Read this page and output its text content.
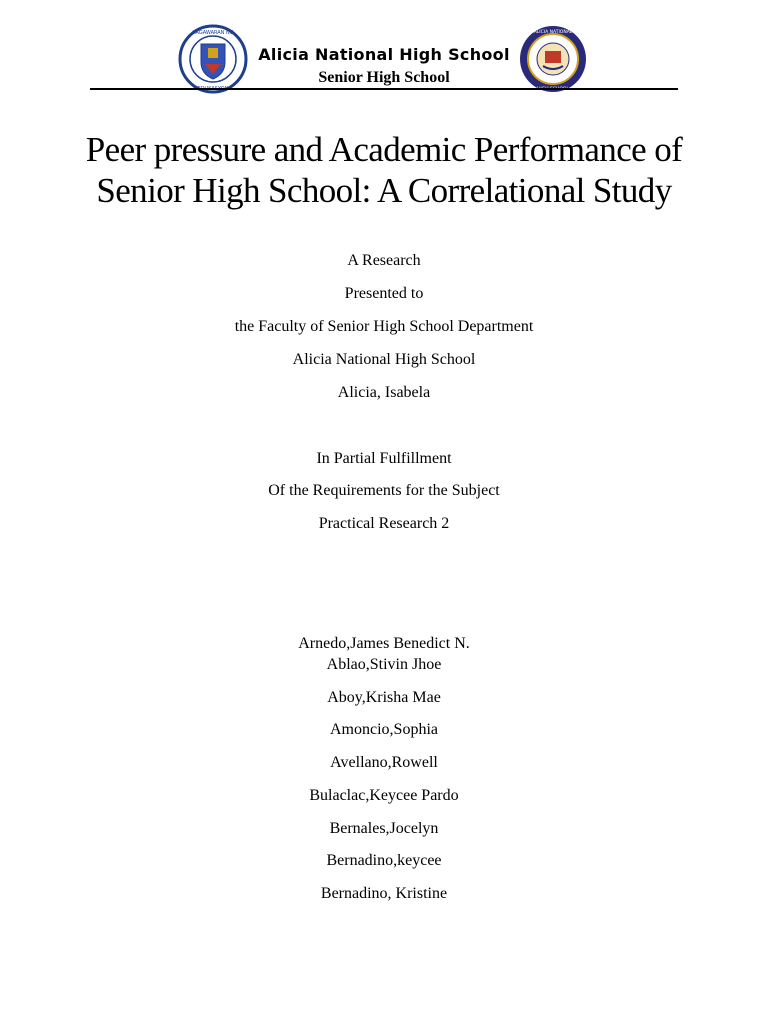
KAGAWARAN NG
EDUKASYON
Alicia National High School
Senior High School
ALICIA NATIONAL
HIGH SCHOOL
Peer pressure and Academic Performance of Senior High School: A Correlational Study
A Research
Presented to
the Faculty of Senior High School Department
Alicia National High School
Alicia, Isabela
In Partial Fulfillment
Of the Requirements for the Subject
Practical Research 2
Arnedo,James Benedict N.
Ablao,Stivin Jhoe
Aboy,Krisha Mae
Amoncio,Sophia
Avellano,Rowell
Bulaclac,Keycee Pardo
Bernales,Jocelyn
Bernadino,keycee
Bernadino, Kristine
